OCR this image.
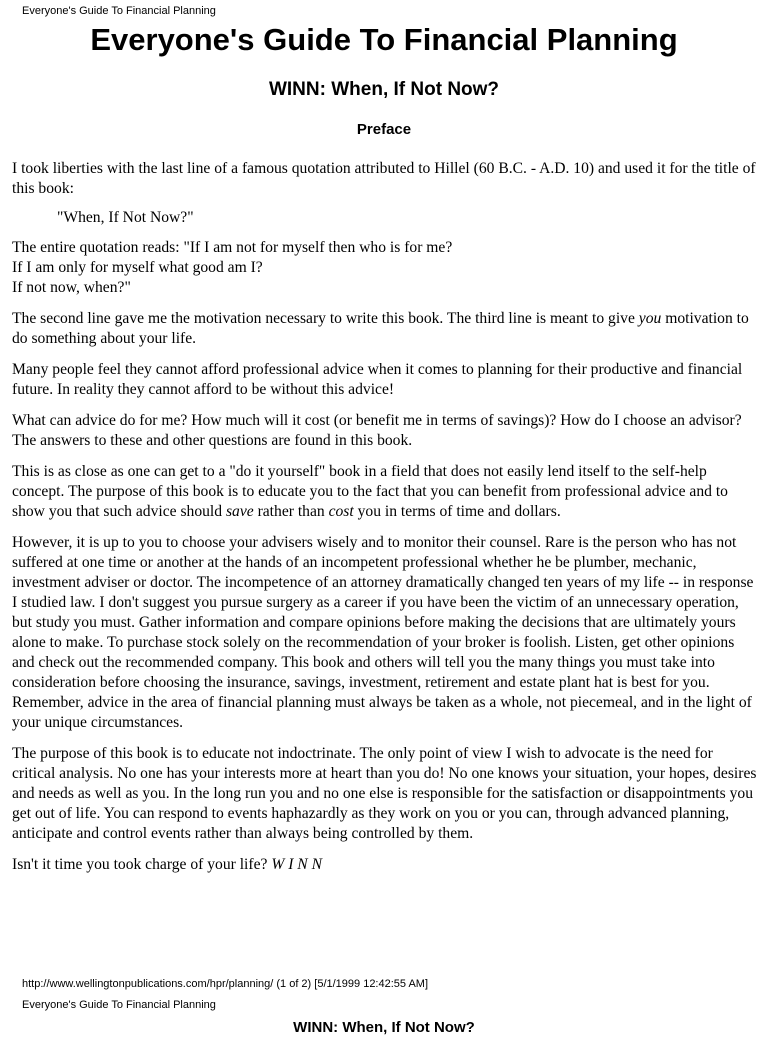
Everyone's Guide To Financial Planning
Everyone's Guide To Financial Planning
WINN: When, If Not Now?
Preface

I took liberties with the last line of a famous quotation attributed to Hillel (60 B.C. - A.D. 10) and used it for the title of this book:

"When, If Not Now?"

The entire quotation reads: "If I am not for myself then who is for me?
If I am only for myself what good am I?
If not now, when?"

The second line gave me the motivation necessary to write this book. The third line is meant to give you motivation to do something about your life.

Many people feel they cannot afford professional advice when it comes to planning for their productive and financial future. In reality they cannot afford to be without this advice!

What can advice do for me? How much will it cost (or benefit me in terms of savings)? How do I choose an advisor? The answers to these and other questions are found in this book.

This is as close as one can get to a "do it yourself" book in a field that does not easily lend itself to the self-help concept. The purpose of this book is to educate you to the fact that you can benefit from professional advice and to show you that such advice should save rather than cost you in terms of time and dollars.

However, it is up to you to choose your advisers wisely and to monitor their counsel. Rare is the person who has not suffered at one time or another at the hands of an incompetent professional whether he be plumber, mechanic, investment adviser or doctor. The incompetence of an attorney dramatically changed ten years of my life -- in response I studied law. I don't suggest you pursue surgery as a career if you have been the victim of an unnecessary operation, but study you must. Gather information and compare opinions before making the decisions that are ultimately yours alone to make. To purchase stock solely on the recommendation of your broker is foolish. Listen, get other opinions and check out the recommended company. This book and others will tell you the many things you must take into consideration before choosing the insurance, savings, investment, retirement and estate plant hat is best for you. Remember, advice in the area of financial planning must always be taken as a whole, not piecemeal, and in the light of your unique circumstances.

The purpose of this book is to educate not indoctrinate. The only point of view I wish to advocate is the need for critical analysis. No one has your interests more at heart than you do! No one knows your situation, your hopes, desires and needs as well as you. In the long run you and no one else is responsible for the satisfaction or disappointments you get out of life. You can respond to events haphazardly as they work on you or you can, through advanced planning, anticipate and control events rather than always being controlled by them.

Isn't it time you took charge of your life? W I N N

http://www.wellingtonpublications.com/hpr/planning/ (1 of 2) [5/1/1999 12:42:55 AM]
Everyone's Guide To Financial Planning
WINN: When, If Not Now?
